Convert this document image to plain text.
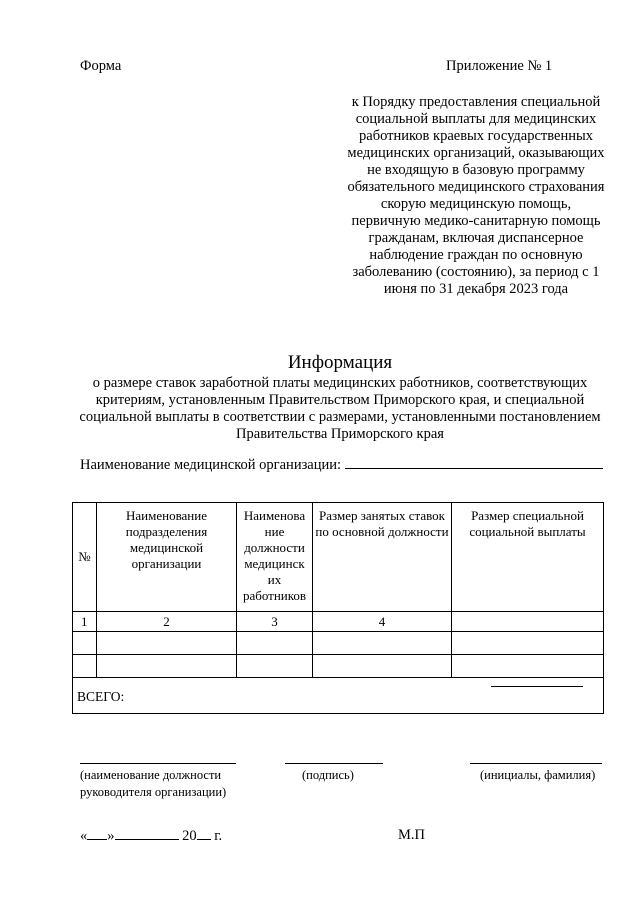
Форма	Приложение № 1
к Порядку предоставления специальной социальной выплаты для медицинских работников краевых государственных медицинских организаций, оказывающих не входящую в базовую программу обязательного медицинского страхования скорую медицинскую помощь, первичную медико-санитарную помощь гражданам, включая диспансерное наблюдение граждан по основную заболеванию (состоянию), за период с 1 июня по 31 декабря 2023 года
Информация
о размере ставок заработной платы медицинских работников, соответствующих критериям, установленным Правительством Приморского края, и специальной социальной выплаты в соответствии с размерами, установленными постановлением Правительства Приморского края
Наименование медицинской организации:
№	Наименование подразделения медицинской организации	Наименова ние должности медицинск их работников	Размер занятых ставок по основной должности	Размер специальной социальной выплаты
1	2	3	4	

ВСЕГО:				
(наименование должности
руководителя организации)
(подпись)	(инициалы, фамилия)
« »	20 г.	М.П
